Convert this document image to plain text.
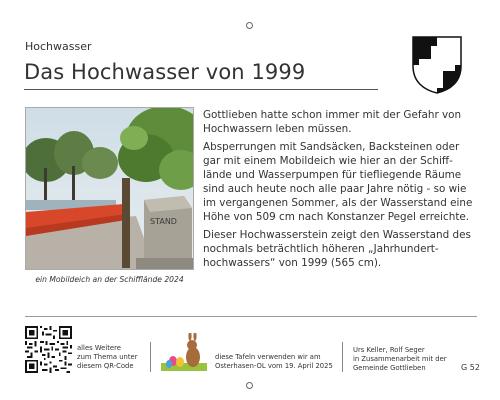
Hochwasser
Das Hochwasser von 1999
STAND
ein Mobildeich an der Schifflände 2024

Gottlieben hatte schon immer mit der Gefahr von Hochwassern leben müssen.

Absperrungen mit Sandsäcken, Backsteinen oder gar mit einem Mobildeich wie hier an der Schifflände und Wasserpumpen für tiefliegende Räume sind auch heute noch alle paar Jahre nötig - so wie im vergangenen Sommer, als der Wasserstand eine Höhe von 509 cm nach Konstanzer Pegel erreichte.

Dieser Hochwasserstein zeigt den Wasserstand des nochmals beträchtlich höheren „Jahrhunderthochwassers“ von 1999 (565 cm).

alles Weitere
zum Thema unter
diesem QR-Code
diese Tafeln verwenden wir am
Osterhasen-OL vom 19. April 2025
Urs Keller, Rolf Seger
in Zusammenarbeit mit der
Gemeinde Gottlieben	G 52
